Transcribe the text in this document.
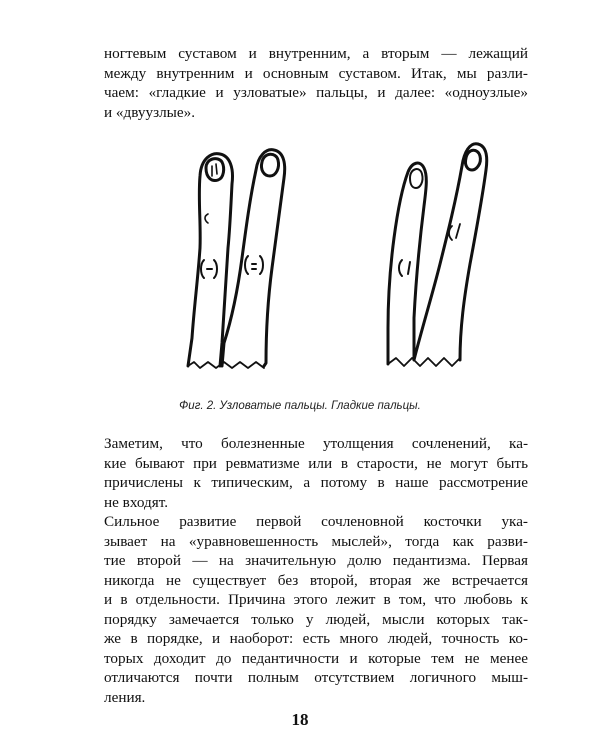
ногтевым суставом и внутренним, а вторым — лежащий
между внутренним и основным суставом. Итак, мы разли-
чаем: «гладкие и узловатые» пальцы, и далее: «одноузлые»
и «двуузлые».
Фиг. 2. Узловатые пальцы. Гладкие пальцы.
Заметим, что болезненные утолщения сочленений, ка-
кие бывают при ревматизме или в старости, не могут быть
причислены к типическим, а потому в наше рассмотрение
не входят.
Сильное развитие первой сочленовной косточки ука-
зывает на «уравновешенность мыслей», тогда как разви-
тие второй — на значительную долю педантизма. Первая
никогда не существует без второй, вторая же встречается
и в отдельности. Причина этого лежит в том, что любовь к
порядку замечается только у людей, мысли которых так-
же в порядке, и наоборот: есть много людей, точность ко-
торых доходит до педантичности и которые тем не менее
отличаются почти полным отсутствием логичного мыш-
ления.
18
